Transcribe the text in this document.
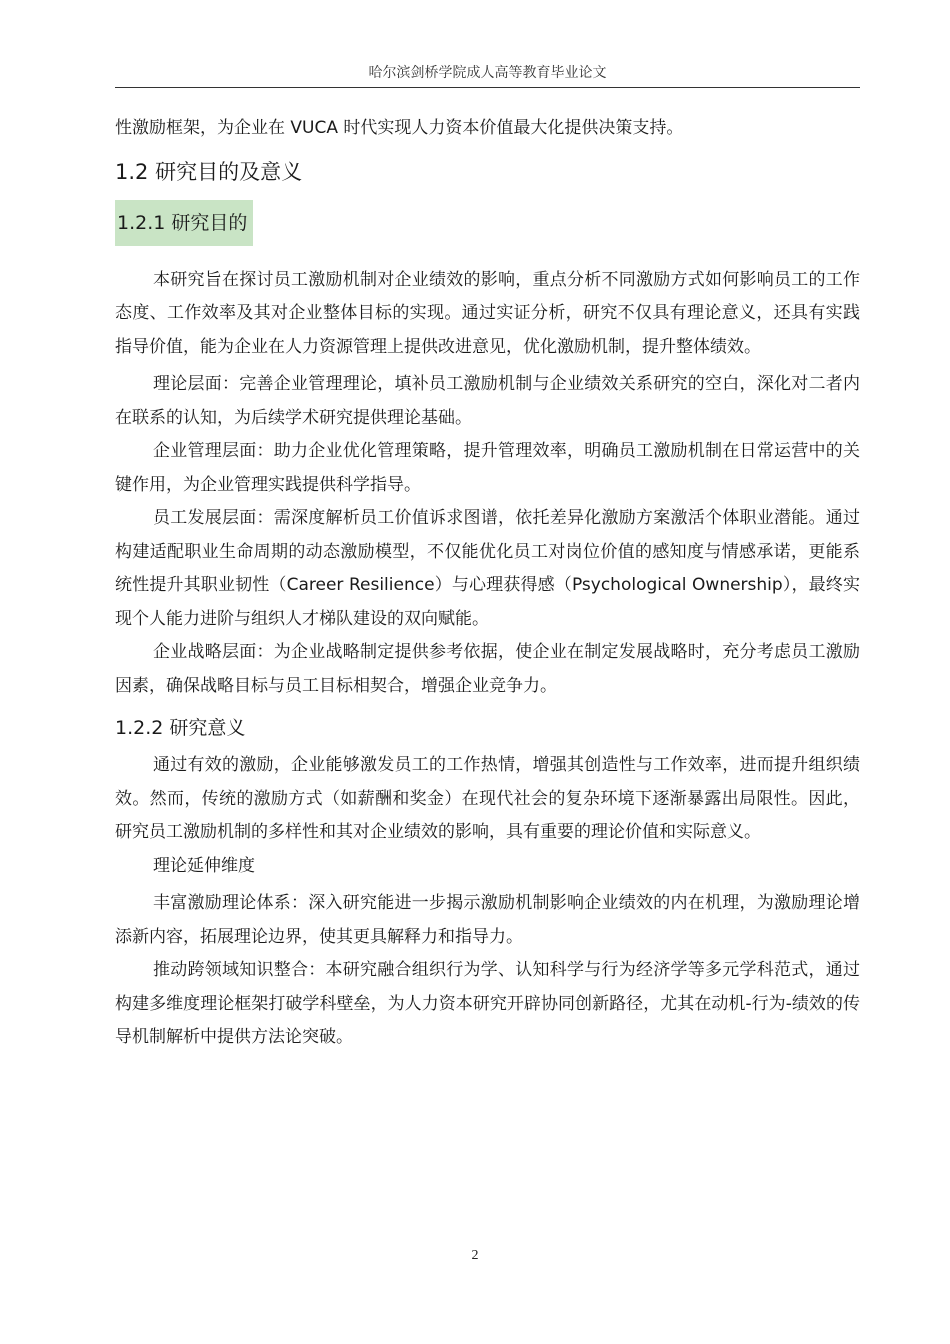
哈尔滨剑桥学院成人高等教育毕业论文

性激励框架，为企业在 VUCA 时代实现人力资本价值最大化提供决策支持。

1.2 研究目的及意义
1.2.1 研究目的

本研究旨在探讨员工激励机制对企业绩效的影响，重点分析不同激励方式如何影响员工的工作态度、工作效率及其对企业整体目标的实现。通过实证分析，研究不仅具有理论意义，还具有实践指导价值，能为企业在人力资源管理上提供改进意见，优化激励机制，提升整体绩效。

理论层面：完善企业管理理论，填补员工激励机制与企业绩效关系研究的空白，深化对二者内在联系的认知，为后续学术研究提供理论基础。

企业管理层面：助力企业优化管理策略，提升管理效率，明确员工激励机制在日常运营中的关键作用，为企业管理实践提供科学指导。

员工发展层面：需深度解析员工价值诉求图谱，依托差异化激励方案激活个体职业潜能。通过构建适配职业生命周期的动态激励模型，不仅能优化员工对岗位价值的感知度与情感承诺，更能系统性提升其职业韧性（Career Resilience）与心理获得感（Psychological Ownership），最终实现个人能力进阶与组织人才梯队建设的双向赋能。

企业战略层面：为企业战略制定提供参考依据，使企业在制定发展战略时，充分考虑员工激励因素，确保战略目标与员工目标相契合，增强企业竞争力。

1.2.2 研究意义

通过有效的激励，企业能够激发员工的工作热情，增强其创造性与工作效率，进而提升组织绩效。然而，传统的激励方式（如薪酬和奖金）在现代社会的复杂环境下逐渐暴露出局限性。因此，研究员工激励机制的多样性和其对企业绩效的影响，具有重要的理论价值和实际意义。

理论延伸维度

丰富激励理论体系：深入研究能进一步揭示激励机制影响企业绩效的内在机理，为激励理论增添新内容，拓展理论边界，使其更具解释力和指导力。

推动跨领域知识整合：本研究融合组织行为学、认知科学与行为经济学等多元学科范式，通过构建多维度理论框架打破学科壁垒，为人力资本研究开辟协同创新路径，尤其在动机-行为-绩效的传导机制解析中提供方法论突破。

2
